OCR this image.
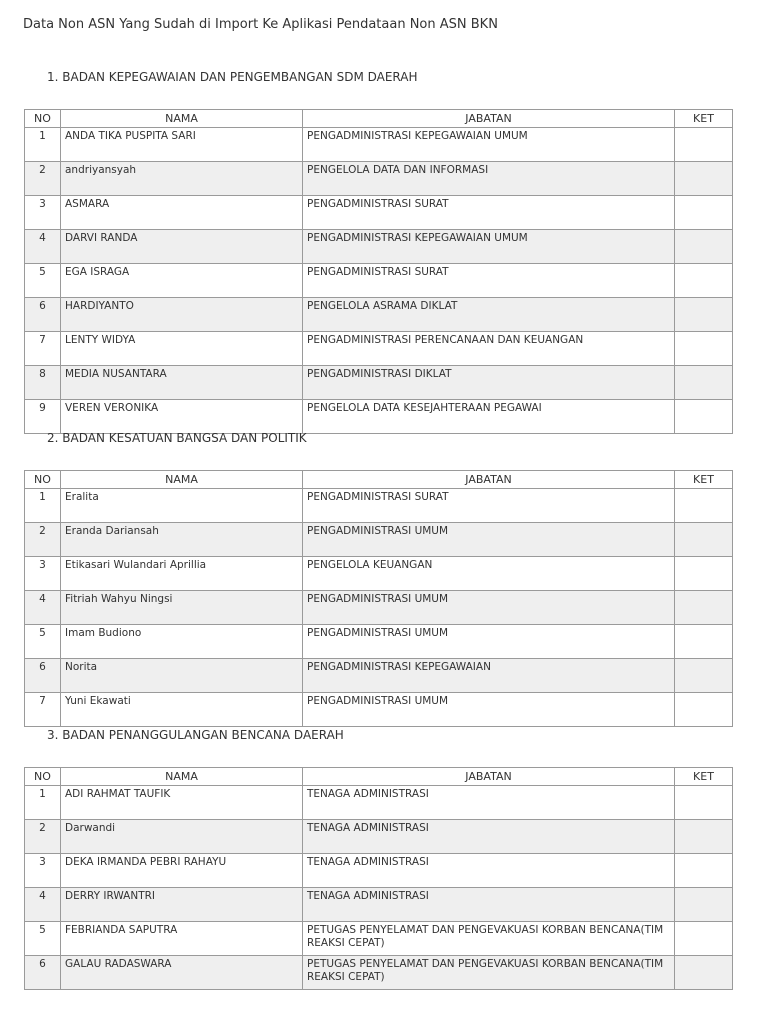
Data Non ASN Yang Sudah di Import Ke Aplikasi Pendataan Non ASN BKN
1. BADAN KEPEGAWAIAN DAN PENGEMBANGAN SDM DAERAH
NO	NAMA	JABATAN	KET
1	ANDA TIKA PUSPITA SARI	PENGADMINISTRASI KEPEGAWAIAN UMUM	
2	andriyansyah	PENGELOLA DATA DAN INFORMASI	
3	ASMARA	PENGADMINISTRASI SURAT	
4	DARVI RANDA	PENGADMINISTRASI KEPEGAWAIAN UMUM	
5	EGA ISRAGA	PENGADMINISTRASI SURAT	
6	HARDIYANTO	PENGELOLA ASRAMA DIKLAT	
7	LENTY WIDYA	PENGADMINISTRASI PERENCANAAN DAN KEUANGAN	
8	MEDIA NUSANTARA	PENGADMINISTRASI DIKLAT	
9	VEREN VERONIKA	PENGELOLA DATA KESEJAHTERAAN PEGAWAI	
2. BADAN KESATUAN BANGSA DAN POLITIK
NO	NAMA	JABATAN	KET
1	Eralita	PENGADMINISTRASI SURAT	
2	Eranda Dariansah	PENGADMINISTRASI UMUM	
3	Etikasari Wulandari Aprillia	PENGELOLA KEUANGAN	
4	Fitriah Wahyu Ningsi	PENGADMINISTRASI UMUM	
5	Imam Budiono	PENGADMINISTRASI UMUM	
6	Norita	PENGADMINISTRASI KEPEGAWAIAN	
7	Yuni Ekawati	PENGADMINISTRASI UMUM	
3. BADAN PENANGGULANGAN BENCANA DAERAH
NO	NAMA	JABATAN	KET
1	ADI RAHMAT TAUFIK	TENAGA ADMINISTRASI	
2	Darwandi	TENAGA ADMINISTRASI	
3	DEKA IRMANDA PEBRI RAHAYU	TENAGA ADMINISTRASI	
4	DERRY IRWANTRI	TENAGA ADMINISTRASI	
5	FEBRIANDA SAPUTRA	PETUGAS PENYELAMAT DAN PENGEVAKUASI KORBAN BENCANA(TIM REAKSI CEPAT)	
6	GALAU RADASWARA	PETUGAS PENYELAMAT DAN PENGEVAKUASI KORBAN BENCANA(TIM REAKSI CEPAT)	
